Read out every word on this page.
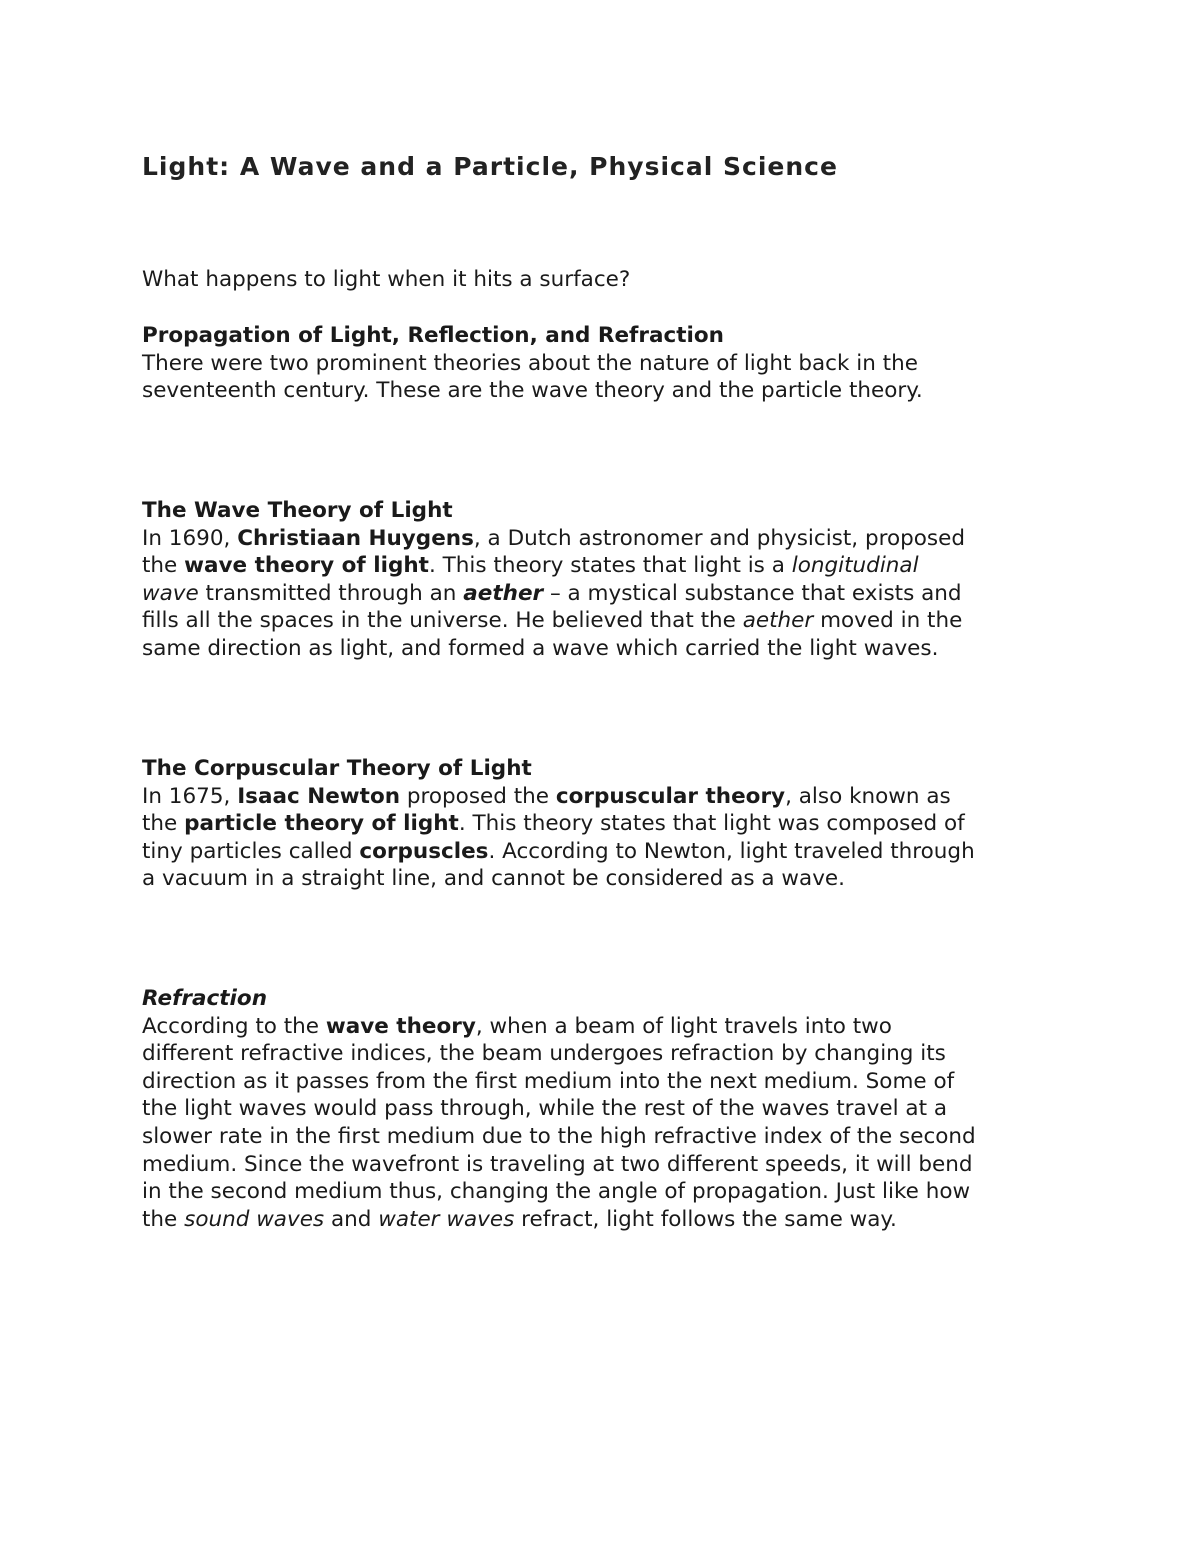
Light: A Wave and a Particle, Physical Science

What happens to light when it hits a surface?

Propagation of Light, Reflection, and Refraction

There were two prominent theories about the nature of light back in the
seventeenth century. These are the wave theory and the particle theory.

The Wave Theory of Light

In 1690, Christiaan Huygens, a Dutch astronomer and physicist, proposed
the wave theory of light. This theory states that light is a longitudinal
wave transmitted through an aether – a mystical substance that exists and
fills all the spaces in the universe. He believed that the aether moved in the
same direction as light, and formed a wave which carried the light waves.

The Corpuscular Theory of Light

In 1675, Isaac Newton proposed the corpuscular theory, also known as
the particle theory of light. This theory states that light was composed of
tiny particles called corpuscles. According to Newton, light traveled through
a vacuum in a straight line, and cannot be considered as a wave.

Refraction

According to the wave theory, when a beam of light travels into two
different refractive indices, the beam undergoes refraction by changing its
direction as it passes from the first medium into the next medium. Some of
the light waves would pass through, while the rest of the waves travel at a
slower rate in the first medium due to the high refractive index of the second
medium. Since the wavefront is traveling at two different speeds, it will bend
in the second medium thus, changing the angle of propagation. Just like how
the sound waves and water waves refract, light follows the same way.
